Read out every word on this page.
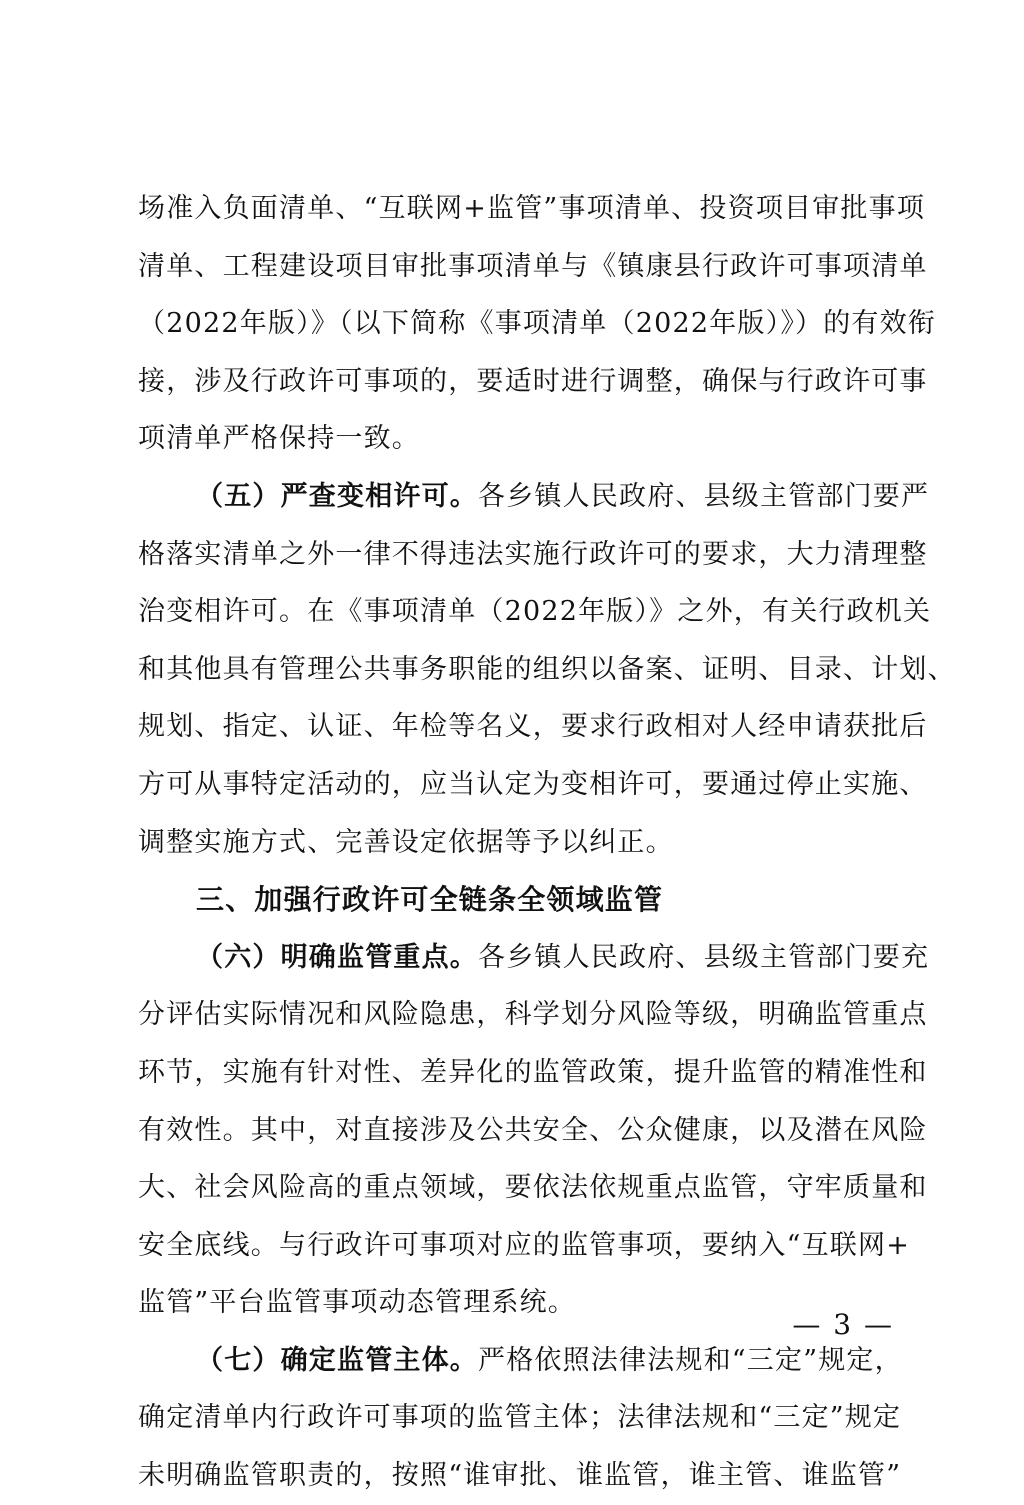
场准入负面清单、“互联网+监管”事项清单、投资项目审批事项
清单、工程建设项目审批事项清单与《镇康县行政许可事项清单
（2022年版）》（以下简称《事项清单（2022年版）》）的有效衔
接，涉及行政许可事项的，要适时进行调整，确保与行政许可事
项清单严格保持一致。
（五）严查变相许可。各乡镇人民政府、县级主管部门要严
格落实清单之外一律不得违法实施行政许可的要求，大力清理整
治变相许可。在《事项清单（2022年版）》之外，有关行政机关
和其他具有管理公共事务职能的组织以备案、证明、目录、计划、
规划、指定、认证、年检等名义，要求行政相对人经申请获批后
方可从事特定活动的，应当认定为变相许可，要通过停止实施、
调整实施方式、完善设定依据等予以纠正。
三、加强行政许可全链条全领域监管
（六）明确监管重点。各乡镇人民政府、县级主管部门要充
分评估实际情况和风险隐患，科学划分风险等级，明确监管重点
环节，实施有针对性、差异化的监管政策，提升监管的精准性和
有效性。其中，对直接涉及公共安全、公众健康，以及潜在风险
大、社会风险高的重点领域，要依法依规重点监管，守牢质量和
安全底线。与行政许可事项对应的监管事项，要纳入“互联网+
监管”平台监管事项动态管理系统。
（七）确定监管主体。严格依照法律法规和“三定”规定，
确定清单内行政许可事项的监管主体；法律法规和“三定”规定
未明确监管职责的，按照“谁审批、谁监管，谁主管、谁监管”
— 3 —
